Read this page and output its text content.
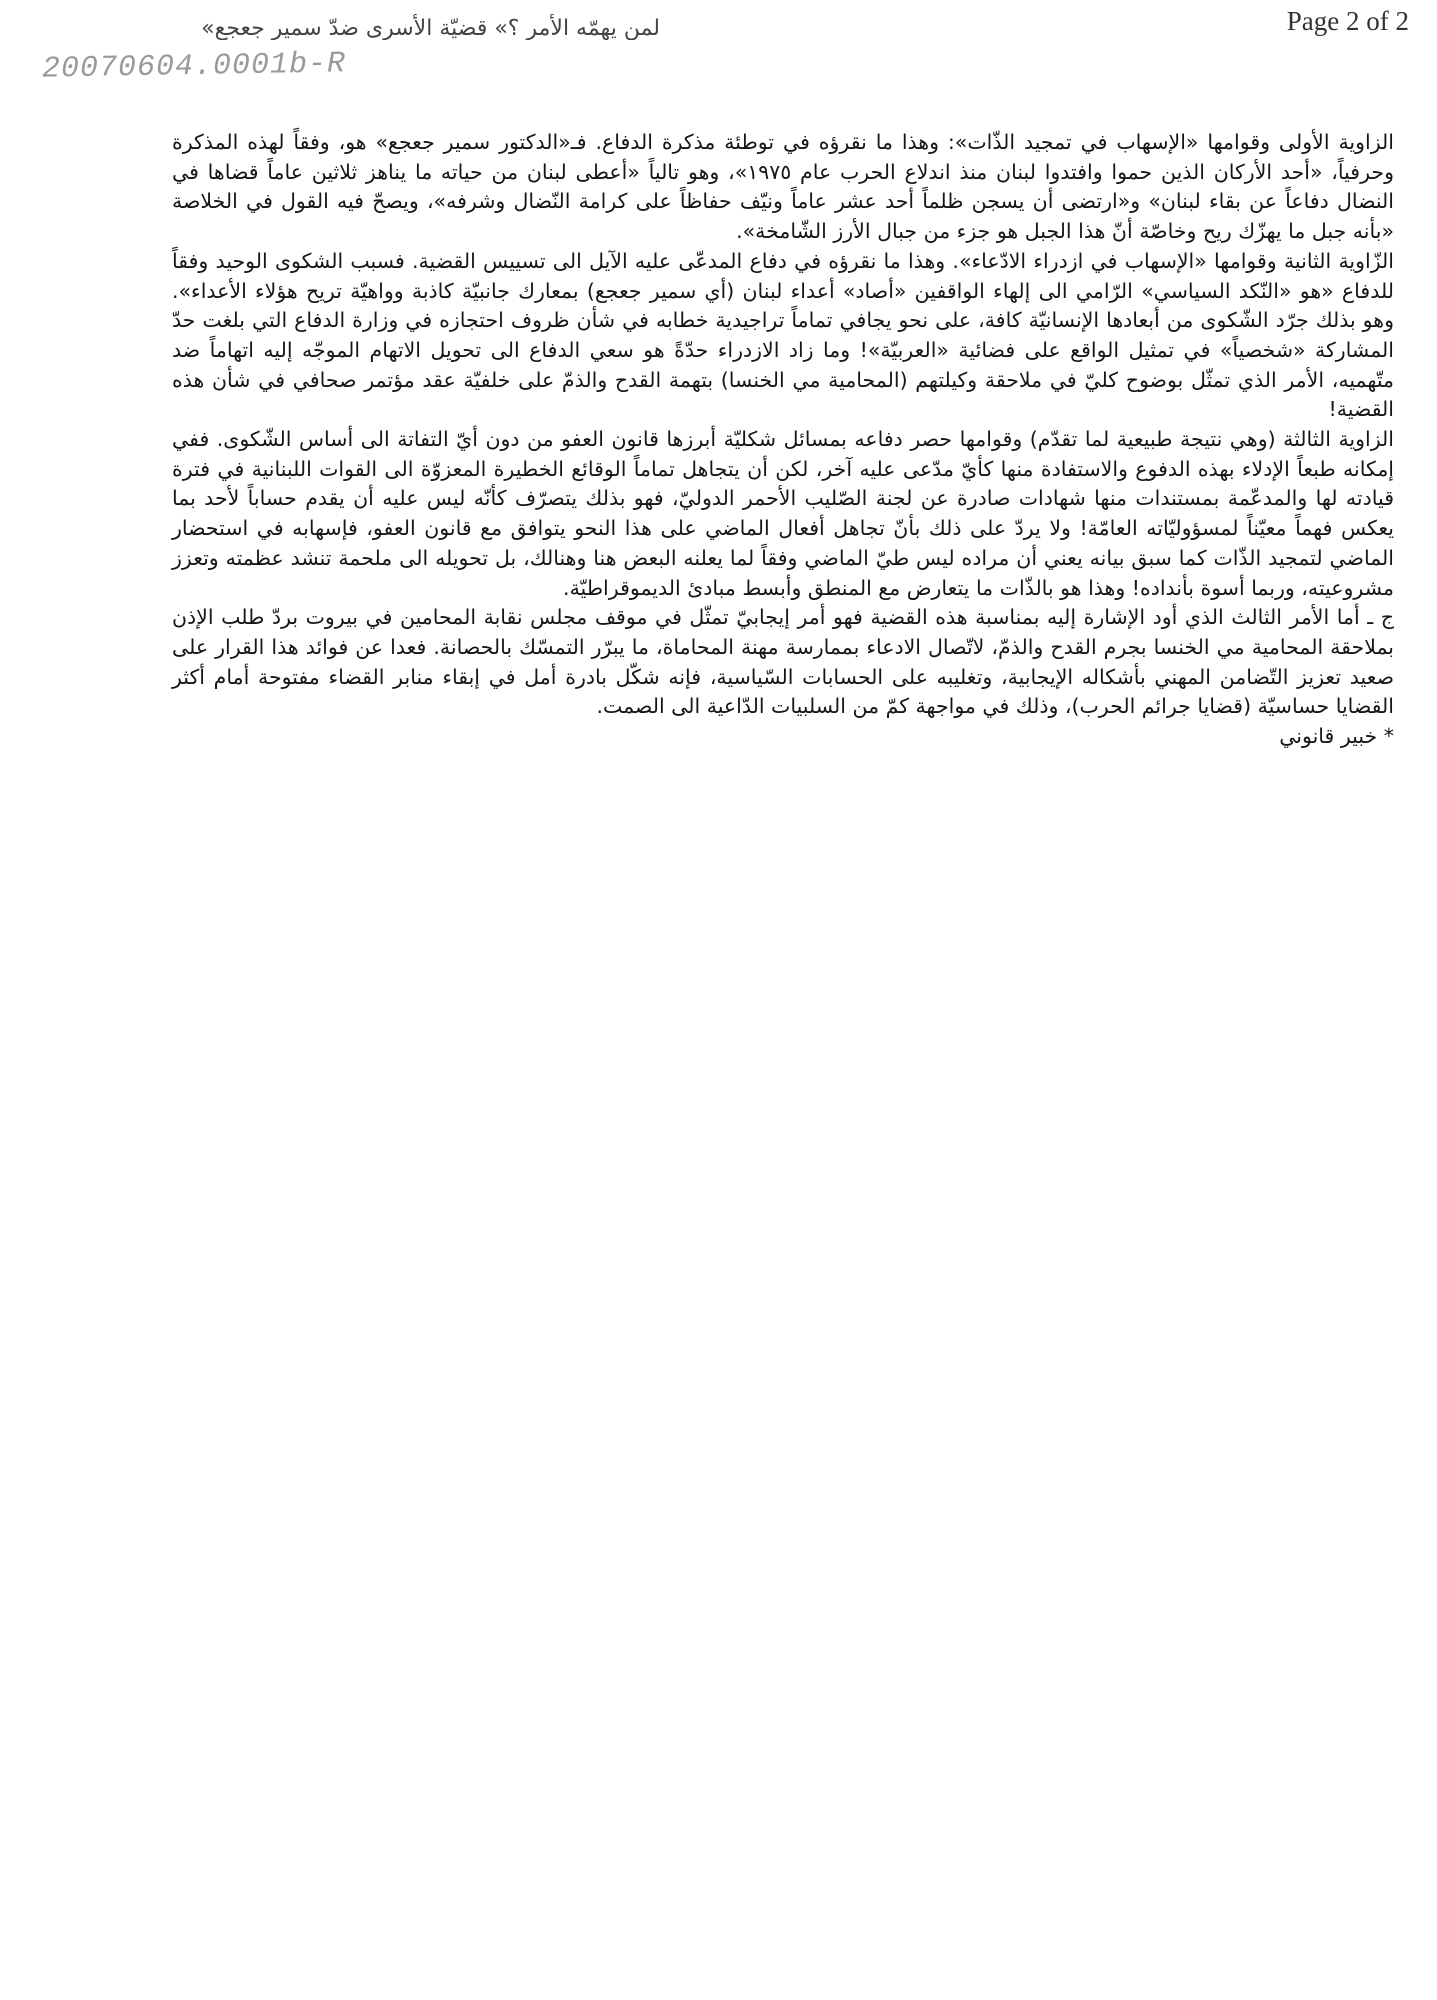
Page 2 of 2
لمن يهمّه الأمر ؟» قضيّة الأسرى ضدّ سمير جعجع»
20070604.0001b-R

الزاوية الأولى وقوامها «الإسهاب في تمجيد الذّات»: وهذا ما نقرؤه في توطئة مذكرة الدفاع. فـ«الدكتور سمير جعجع» هو، وفقاً لهذه المذكرة وحرفياً، «أحد الأركان الذين حموا وافتدوا لبنان منذ اندلاع الحرب عام ١٩٧٥»، وهو تالياً «أعطى لبنان من حياته ما يناهز ثلاثين عاماً قضاها في النضال دفاعاً عن بقاء لبنان» و«ارتضى أن يسجن ظلماً أحد عشر عاماً ونيّف حفاظاً على كرامة النّضال وشرفه»، ويصحّ فيه القول في الخلاصة «بأنه جبل ما يهزّك ريح وخاصّة أنّ هذا الجبل هو جزء من جبال الأرز الشّامخة».

الزّاوية الثانية وقوامها «الإسهاب في ازدراء الادّعاء». وهذا ما نقرؤه في دفاع المدعّى عليه الآيل الى تسييس القضية. فسبب الشكوى الوحيد وفقاً للدفاع «هو «النّكد السياسي» الرّامي الى إلهاء الواقفين «أصاد» أعداء لبنان (أي سمير جعجع) بمعارك جانبيّة كاذبة وواهيّة تريح هؤلاء الأعداء». وهو بذلك جرّد الشّكوى من أبعادها الإنسانيّة كافة، على نحو يجافي تماماً تراجيدية خطابه في شأن ظروف احتجازه في وزارة الدفاع التي بلغت حدّ المشاركة «شخصياً» في تمثيل الواقع على فضائية «العربيّة»! وما زاد الازدراء حدّةً هو سعي الدفاع الى تحويل الاتهام الموجّه إليه اتهاماً ضد متّهميه، الأمر الذي تمثّل بوضوح كليّ في ملاحقة وكيلتهم (المحامية مي الخنسا) بتهمة القدح والذمّ على خلفيّة عقد مؤتمر صحافي في شأن هذه القضية!

الزاوية الثالثة (وهي نتيجة طبيعية لما تقدّم) وقوامها حصر دفاعه بمسائل شكليّة أبرزها قانون العفو من دون أيّ التفاتة الى أساس الشّكوى. ففي إمكانه طبعاً الإدلاء بهذه الدفوع والاستفادة منها كأيّ مدّعى عليه آخر، لكن أن يتجاهل تماماً الوقائع الخطيرة المعزوّة الى القوات اللبنانية في فترة قيادته لها والمدعّمة بمستندات منها شهادات صادرة عن لجنة الصّليب الأحمر الدوليّ، فهو بذلك يتصرّف كأنّه ليس عليه أن يقدم حساباً لأحد بما يعكس فهماً معيّناً لمسؤوليّاته العامّة! ولا يردّ على ذلك بأنّ تجاهل أفعال الماضي على هذا النحو يتوافق مع قانون العفو، فإسهابه في استحضار الماضي لتمجيد الذّات كما سبق بيانه يعني أن مراده ليس طيّ الماضي وفقاً لما يعلنه البعض هنا وهنالك، بل تحويله الى ملحمة تنشد عظمته وتعزز مشروعيته، وربما أسوة بأنداده! وهذا هو بالذّات ما يتعارض مع المنطق وأبسط مبادئ الديموقراطيّة.

ج ـ أما الأمر الثالث الذي أود الإشارة إليه بمناسبة هذه القضية فهو أمر إيجابيّ تمثّل في موقف مجلس نقابة المحامين في بيروت بردّ طلب الإذن بملاحقة المحامية مي الخنسا بجرم القدح والذمّ، لاتّصال الادعاء بممارسة مهنة المحاماة، ما يبرّر التمسّك بالحصانة. فعدا عن فوائد هذا القرار على صعيد تعزيز التّضامن المهني بأشكاله الإيجابية، وتغليبه على الحسابات السّياسية، فإنه شكّل بادرة أمل في إبقاء منابر القضاء مفتوحة أمام أكثر القضايا حساسيّة (قضايا جرائم الحرب)، وذلك في مواجهة كمّ من السلبيات الدّاعية الى الصمت.

* خبير قانوني
